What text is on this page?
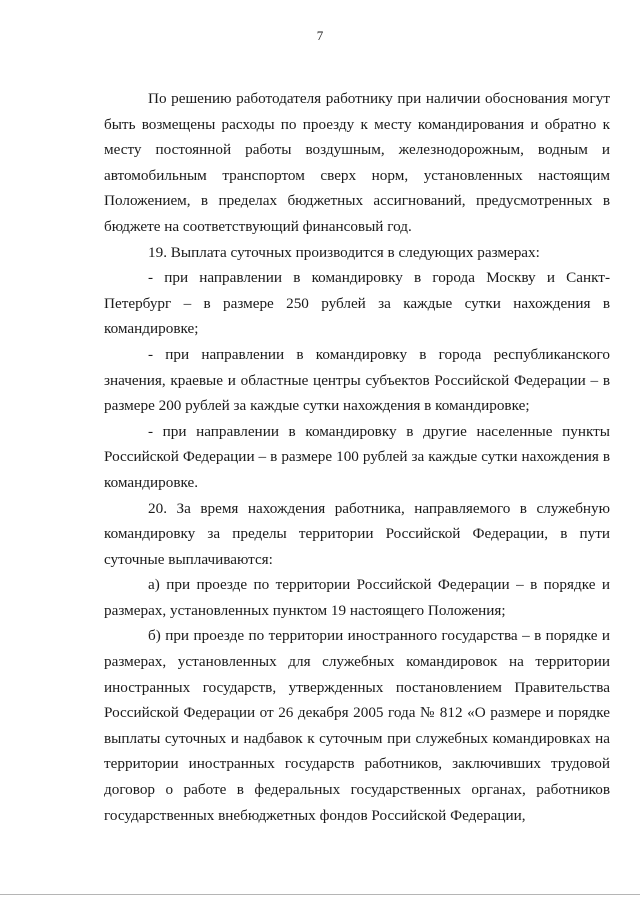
7

По решению работодателя работнику при наличии обоснования могут быть возмещены расходы по проезду к месту командирования и обратно к месту постоянной работы воздушным, железнодорожным, водным и автомобильным транспортом сверх норм, установленных настоящим Положением, в пределах бюджетных ассигнований, предусмотренных в бюджете на соответствующий финансовый год.

19. Выплата суточных производится в следующих размерах:

- при направлении в командировку в города Москву и Санкт-Петербург – в размере 250 рублей за каждые сутки нахождения в командировке;

- при направлении в командировку в города республиканского значения, краевые и областные центры субъектов Российской Федерации – в размере 200 рублей за каждые сутки нахождения в командировке;

- при направлении в командировку в другие населенные пункты Российской Федерации – в размере 100 рублей за каждые сутки нахождения в командировке.

20. За время нахождения работника, направляемого в служебную командировку за пределы территории Российской Федерации, в пути суточные выплачиваются:

а) при проезде по территории Российской Федерации – в порядке и размерах, установленных пунктом 19 настоящего Положения;

б) при проезде по территории иностранного государства – в порядке и размерах, установленных для служебных командировок на территории иностранных государств, утвержденных постановлением Правительства Российской Федерации от 26 декабря 2005 года № 812 «О размере и порядке выплаты суточных и надбавок к суточным при служебных командировках на территории иностранных государств работников, заключивших трудовой договор о работе в федеральных государственных органах, работников государственных внебюджетных фондов Российской Федерации,
